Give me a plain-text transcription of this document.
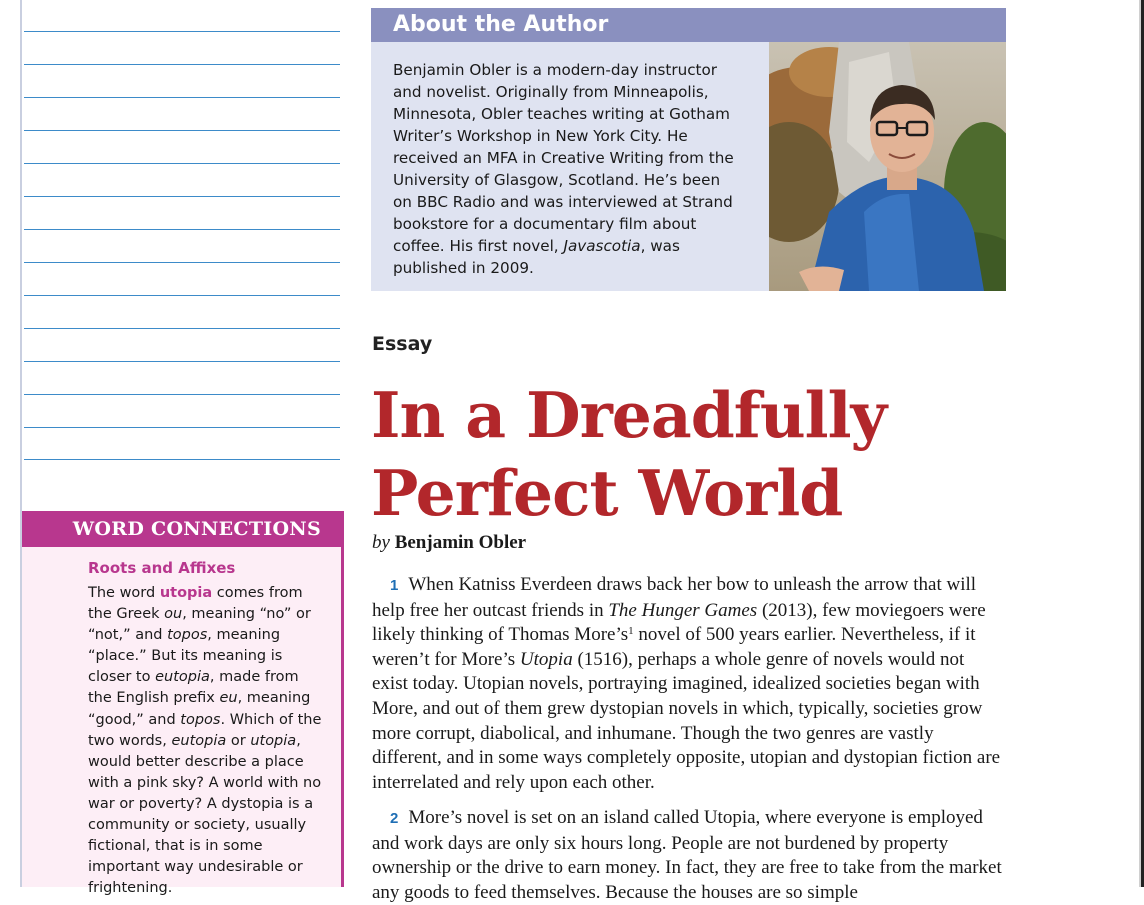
WORD CONNECTIONS
Roots and Affixes
The word utopia comes from the Greek ou, meaning “no” or “not,” and topos, meaning “place.” But its meaning is closer to eutopia, made from the English prefix eu, meaning “good,” and topos. Which of the two words, eutopia or utopia, would better describe a place with a pink sky? A world with no war or poverty? A dystopia is a community or society, usually fictional, that is in some important way undesirable or frightening.
About the Author
Benjamin Obler is a modern-day instructor and novelist. Originally from Minneapolis, Minnesota, Obler teaches writing at Gotham Writer’s Workshop in New York City. He received an MFA in Creative Writing from the University of Glasgow, Scotland. He’s been on BBC Radio and was interviewed at Strand bookstore for a documentary film about coffee. His first novel, Javascotia, was published in 2009.
Essay
In a Dreadfully
Perfect World
by Benjamin Obler
1 When Katniss Everdeen draws back her bow to unleash the arrow that will help free her outcast friends in The Hunger Games (2013), few moviegoers were likely thinking of Thomas $More’s^1$ novel of 500 years earlier. Nevertheless, if it weren’t for More’s Utopia (1516), perhaps a whole genre of novels would not exist today. Utopian novels, portraying imagined, idealized societies began with More, and out of them grew dystopian novels in which, typically, societies grow more corrupt, diabolical, and inhumane. Though the two genres are vastly different, and in some ways completely opposite, utopian and dystopian fiction are interrelated and rely upon each other.
2 More’s novel is set on an island called Utopia, where everyone is employed and work days are only six hours long. People are not burdened by property ownership or the drive to earn money. In fact, they are free to take from the market any goods to feed themselves. Because the houses are so simple
